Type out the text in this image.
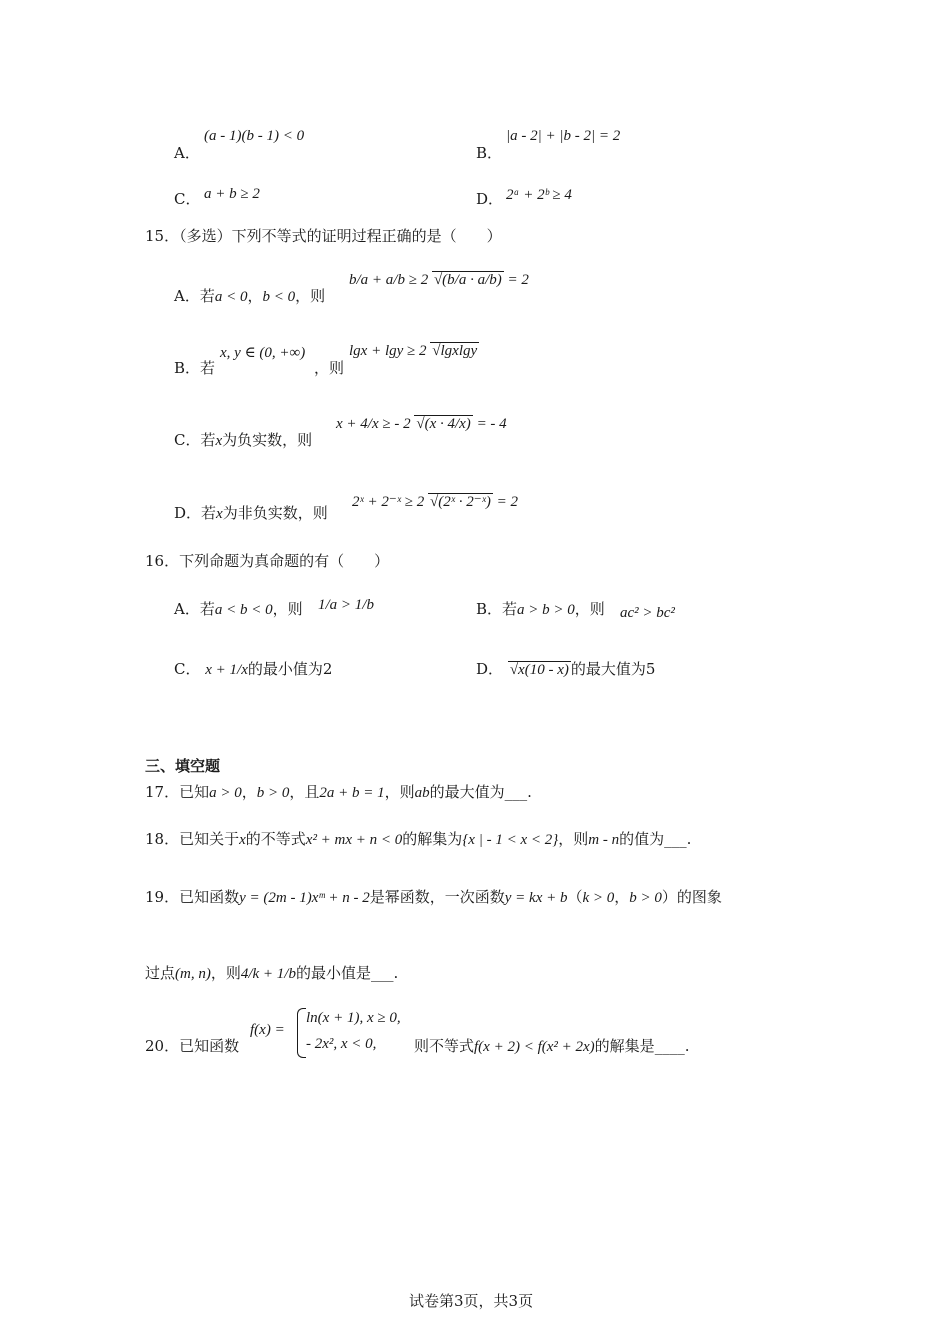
A．
(a - 1)(b - 1) < 0
B．
|a - 2| + |b - 2| = 2
C． a + b ≥ 2	D． 2ᵃ + 2ᵇ ≥ 4
15．（多选）下列不等式的证明过程正确的是（　　）
A．若a < 0，b < 0，则
b/a + a/b ≥ 2 √(b/a · a/b) = 2
B．若
x, y ∈ (0, +∞)
，则
lgx + lgy ≥ 2 √lgxlgy
C．若x为负实数，则
x + 4/x ≥ - 2 √(x · 4/x) = - 4
D．若x为非负实数，则
2ˣ + 2⁻ˣ ≥ 2 √(2ˣ · 2⁻ˣ) = 2
16．下列命题为真命题的有（　　）
A．若a < b < 0，则 1/a > 1/b	B．若a > b > 0，则 ac² > bc²
C． x + 1/x的最小值为2	D． √x(10 - x) 的最大值为5
三、填空题
17．已知a > 0，b > 0，且2a + b = 1，则ab的最大值为___.
18．已知关于x的不等式x² + mx + n < 0的解集为{x | - 1 < x < 2}，则m - n的值为___.
19．已知函数y = (2m - 1)xᵐ + n - 2是幂函数，一次函数y = kx + b（k > 0，b > 0）的图象
过点(m, n)，则4/k + 1/b的最小值是___.
20．已知函数
f(x) =
ln(x + 1), x ≥ 0,
- 2x², x < 0,	则不等式f(x + 2) < f(x² + 2x)的解集是____.
试卷第3页，共3页
